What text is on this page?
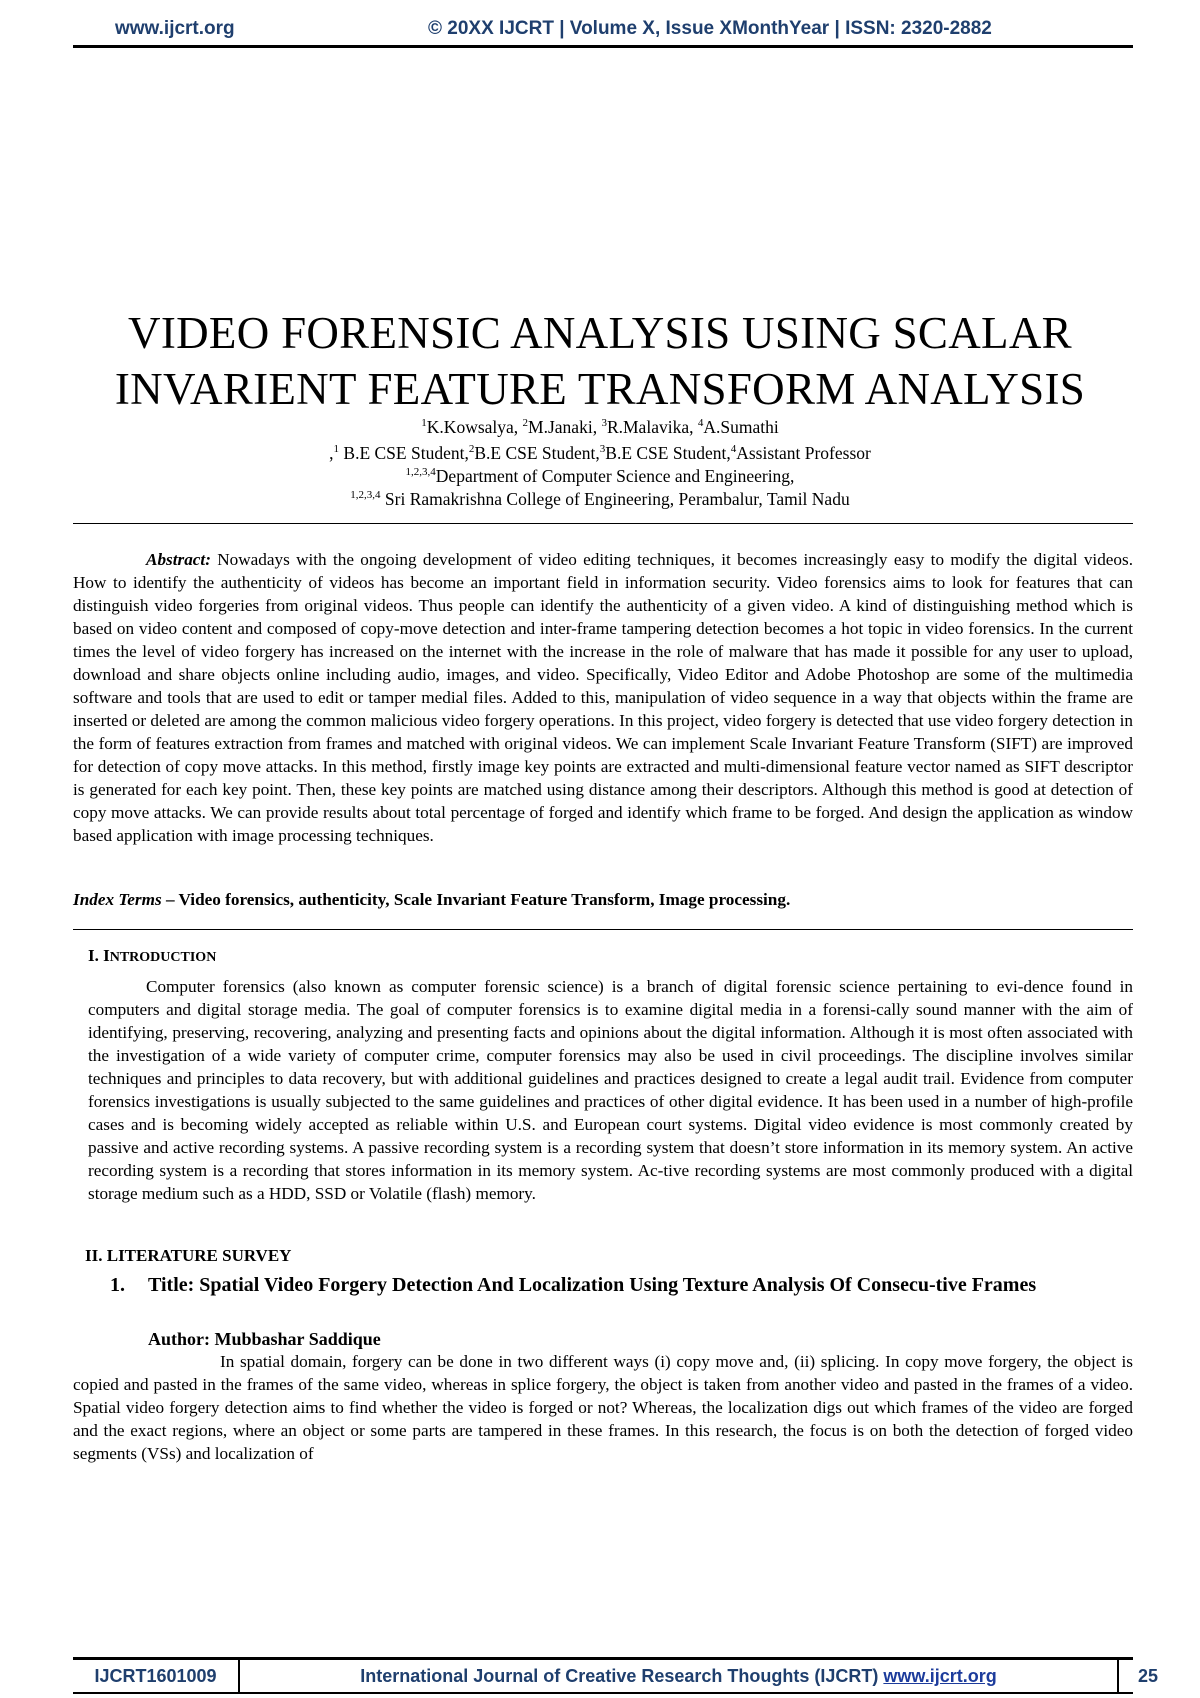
www.ijcrt.org	© 20XX IJCRT | Volume X, Issue XMonthYear | ISSN: 2320-2882
VIDEO FORENSIC ANALYSIS USING SCALAR
INVARIENT FEATURE TRANSFORM ANALYSIS
$^1$K.Kowsalya, $^2$M.Janaki, $^3$R.Malavika, $^4$A.Sumathi
,$^1$ B.E CSE Student,$^2$B.E CSE Student,$^3$B.E CSE Student,$^4$Assistant Professor
$^{1,2,3,4}$Department of Computer Science and Engineering,
$^{1,2,3,4}$ Sri Ramakrishna College of Engineering, Perambalur, Tamil Nadu
Abstract: Nowadays with the ongoing development of video editing techniques, it becomes increasingly easy to modify the digital videos. How to identify the authenticity of videos has become an important field in information security. Video forensics aims to look for features that can distinguish video forgeries from original videos. Thus people can identify the authenticity of a given video. A kind of distinguishing method which is based on video content and composed of copy-move detection and inter-frame tampering detection becomes a hot topic in video forensics. In the current times the level of video forgery has increased on the internet with the increase in the role of malware that has made it possible for any user to upload, download and share objects online including audio, images, and video. Specifically, Video Editor and Adobe Photoshop are some of the multimedia software and tools that are used to edit or tamper medial files. Added to this, manipulation of video sequence in a way that objects within the frame are inserted or deleted are among the common malicious video forgery operations. In this project, video forgery is detected that use video forgery detection in the form of features extraction from frames and matched with original videos. We can implement Scale Invariant Feature Transform (SIFT) are improved for detection of copy move attacks. In this method, firstly image key points are extracted and multi-dimensional feature vector named as SIFT descriptor is generated for each key point. Then, these key points are matched using distance among their descriptors. Although this method is good at detection of copy move attacks. We can provide results about total percentage of forged and identify which frame to be forged. And design the application as window based application with image processing techniques.
Index Terms – Video forensics, authenticity, Scale Invariant Feature Transform, Image processing.
I. INTRODUCTION
Computer forensics (also known as computer forensic science) is a branch of digital forensic science pertaining to evi-dence found in computers and digital storage media. The goal of computer forensics is to examine digital media in a forensi-cally sound manner with the aim of identifying, preserving, recovering, analyzing and presenting facts and opinions about the digital information. Although it is most often associated with the investigation of a wide variety of computer crime, computer forensics may also be used in civil proceedings. The discipline involves similar techniques and principles to data recovery, but with additional guidelines and practices designed to create a legal audit trail. Evidence from computer forensics investigations is usually subjected to the same guidelines and practices of other digital evidence. It has been used in a number of high-profile cases and is becoming widely accepted as reliable within U.S. and European court systems. Digital video evidence is most commonly created by passive and active recording systems. A passive recording system is a recording system that doesn’t store information in its memory system. An active recording system is a recording that stores information in its memory system. Ac-tive recording systems are most commonly produced with a digital storage medium such as a HDD, SSD or Volatile (flash) memory.
II. LITERATURE SURVEY
1.	Title: Spatial Video Forgery Detection And Localization Using Texture Analysis Of Consecu-tive Frames
Author: Mubbashar Saddique
In spatial domain, forgery can be done in two different ways (i) copy move and, (ii) splicing. In copy move forgery, the object is copied and pasted in the frames of the same video, whereas in splice forgery, the object is taken from another video and pasted in the frames of a video. Spatial video forgery detection aims to find whether the video is forged or not? Whereas, the localization digs out which frames of the video are forged and the exact regions, where an object or some parts are tampered in these frames. In this research, the focus is on both the detection of forged video segments (VSs) and localization of
IJCRT1601009	International Journal of Creative Research Thoughts (IJCRT) www.ijcrt.org	25
